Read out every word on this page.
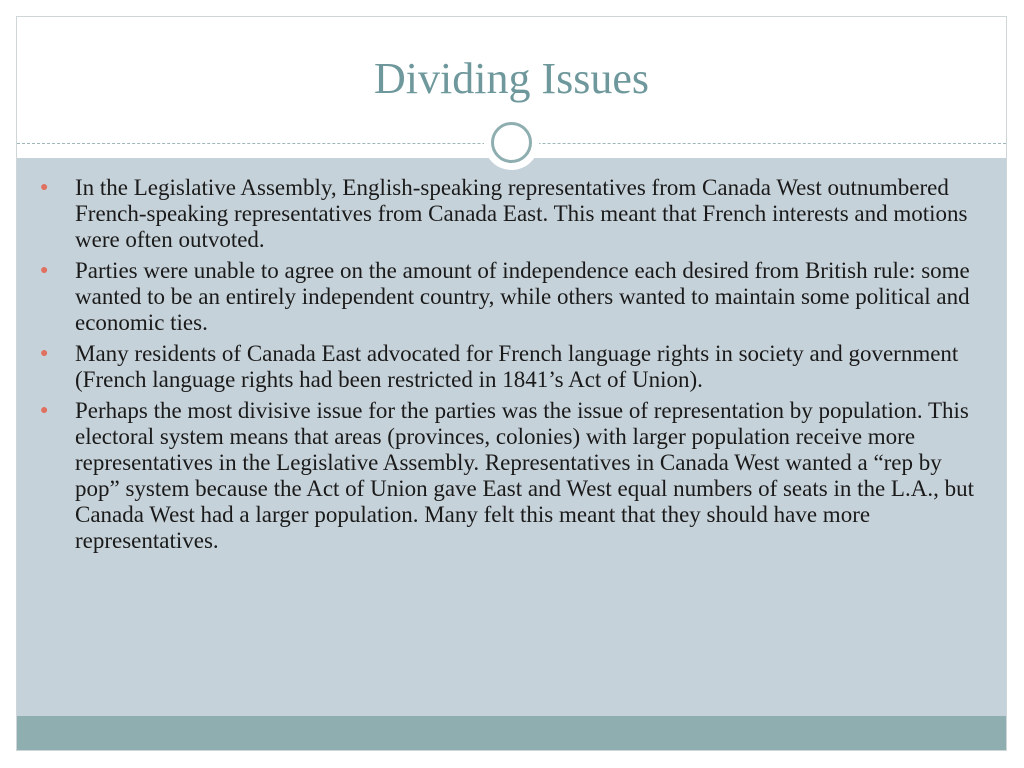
Dividing Issues
● In the Legislative Assembly, English-speaking representatives from Canada West outnumbered French-speaking representatives from Canada East. This meant that French interests and motions were often outvoted.
● Parties were unable to agree on the amount of independence each desired from British rule: some wanted to be an entirely independent country, while others wanted to maintain some political and economic ties.
● Many residents of Canada East advocated for French language rights in society and government (French language rights had been restricted in 1841’s Act of Union).
● Perhaps the most divisive issue for the parties was the issue of representation by population. This electoral system means that areas (provinces, colonies) with larger population receive more representatives in the Legislative Assembly. Representatives in Canada West wanted a “rep by pop” system because the Act of Union gave East and West equal numbers of seats in the L.A., but Canada West had a larger population. Many felt this meant that they should have more representatives.
